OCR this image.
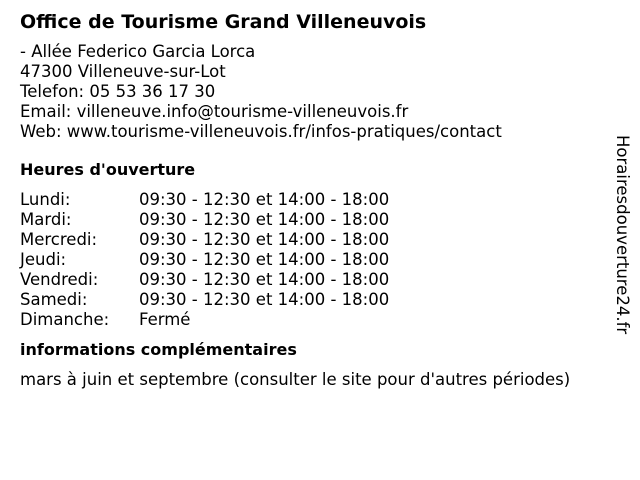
Office de Tourisme Grand Villeneuvois
- Allée Federico Garcia Lorca
47300 Villeneuve-sur-Lot
Telefon: 05 53 36 17 30
Email: villeneuve.info@tourisme-villeneuvois.fr
Web: www.tourisme-villeneuvois.fr/infos-pratiques/contact
Heures d'ouverture
Lundi:	09:30 - 12:30 et 14:00 - 18:00
Mardi:	09:30 - 12:30 et 14:00 - 18:00
Mercredi:	09:30 - 12:30 et 14:00 - 18:00
Jeudi:	09:30 - 12:30 et 14:00 - 18:00
Vendredi:	09:30 - 12:30 et 14:00 - 18:00
Samedi:	09:30 - 12:30 et 14:00 - 18:00
Dimanche:	Fermé
informations complémentaires
mars à juin et septembre (consulter le site pour d'autres périodes)
Horairesdouverture24.fr
